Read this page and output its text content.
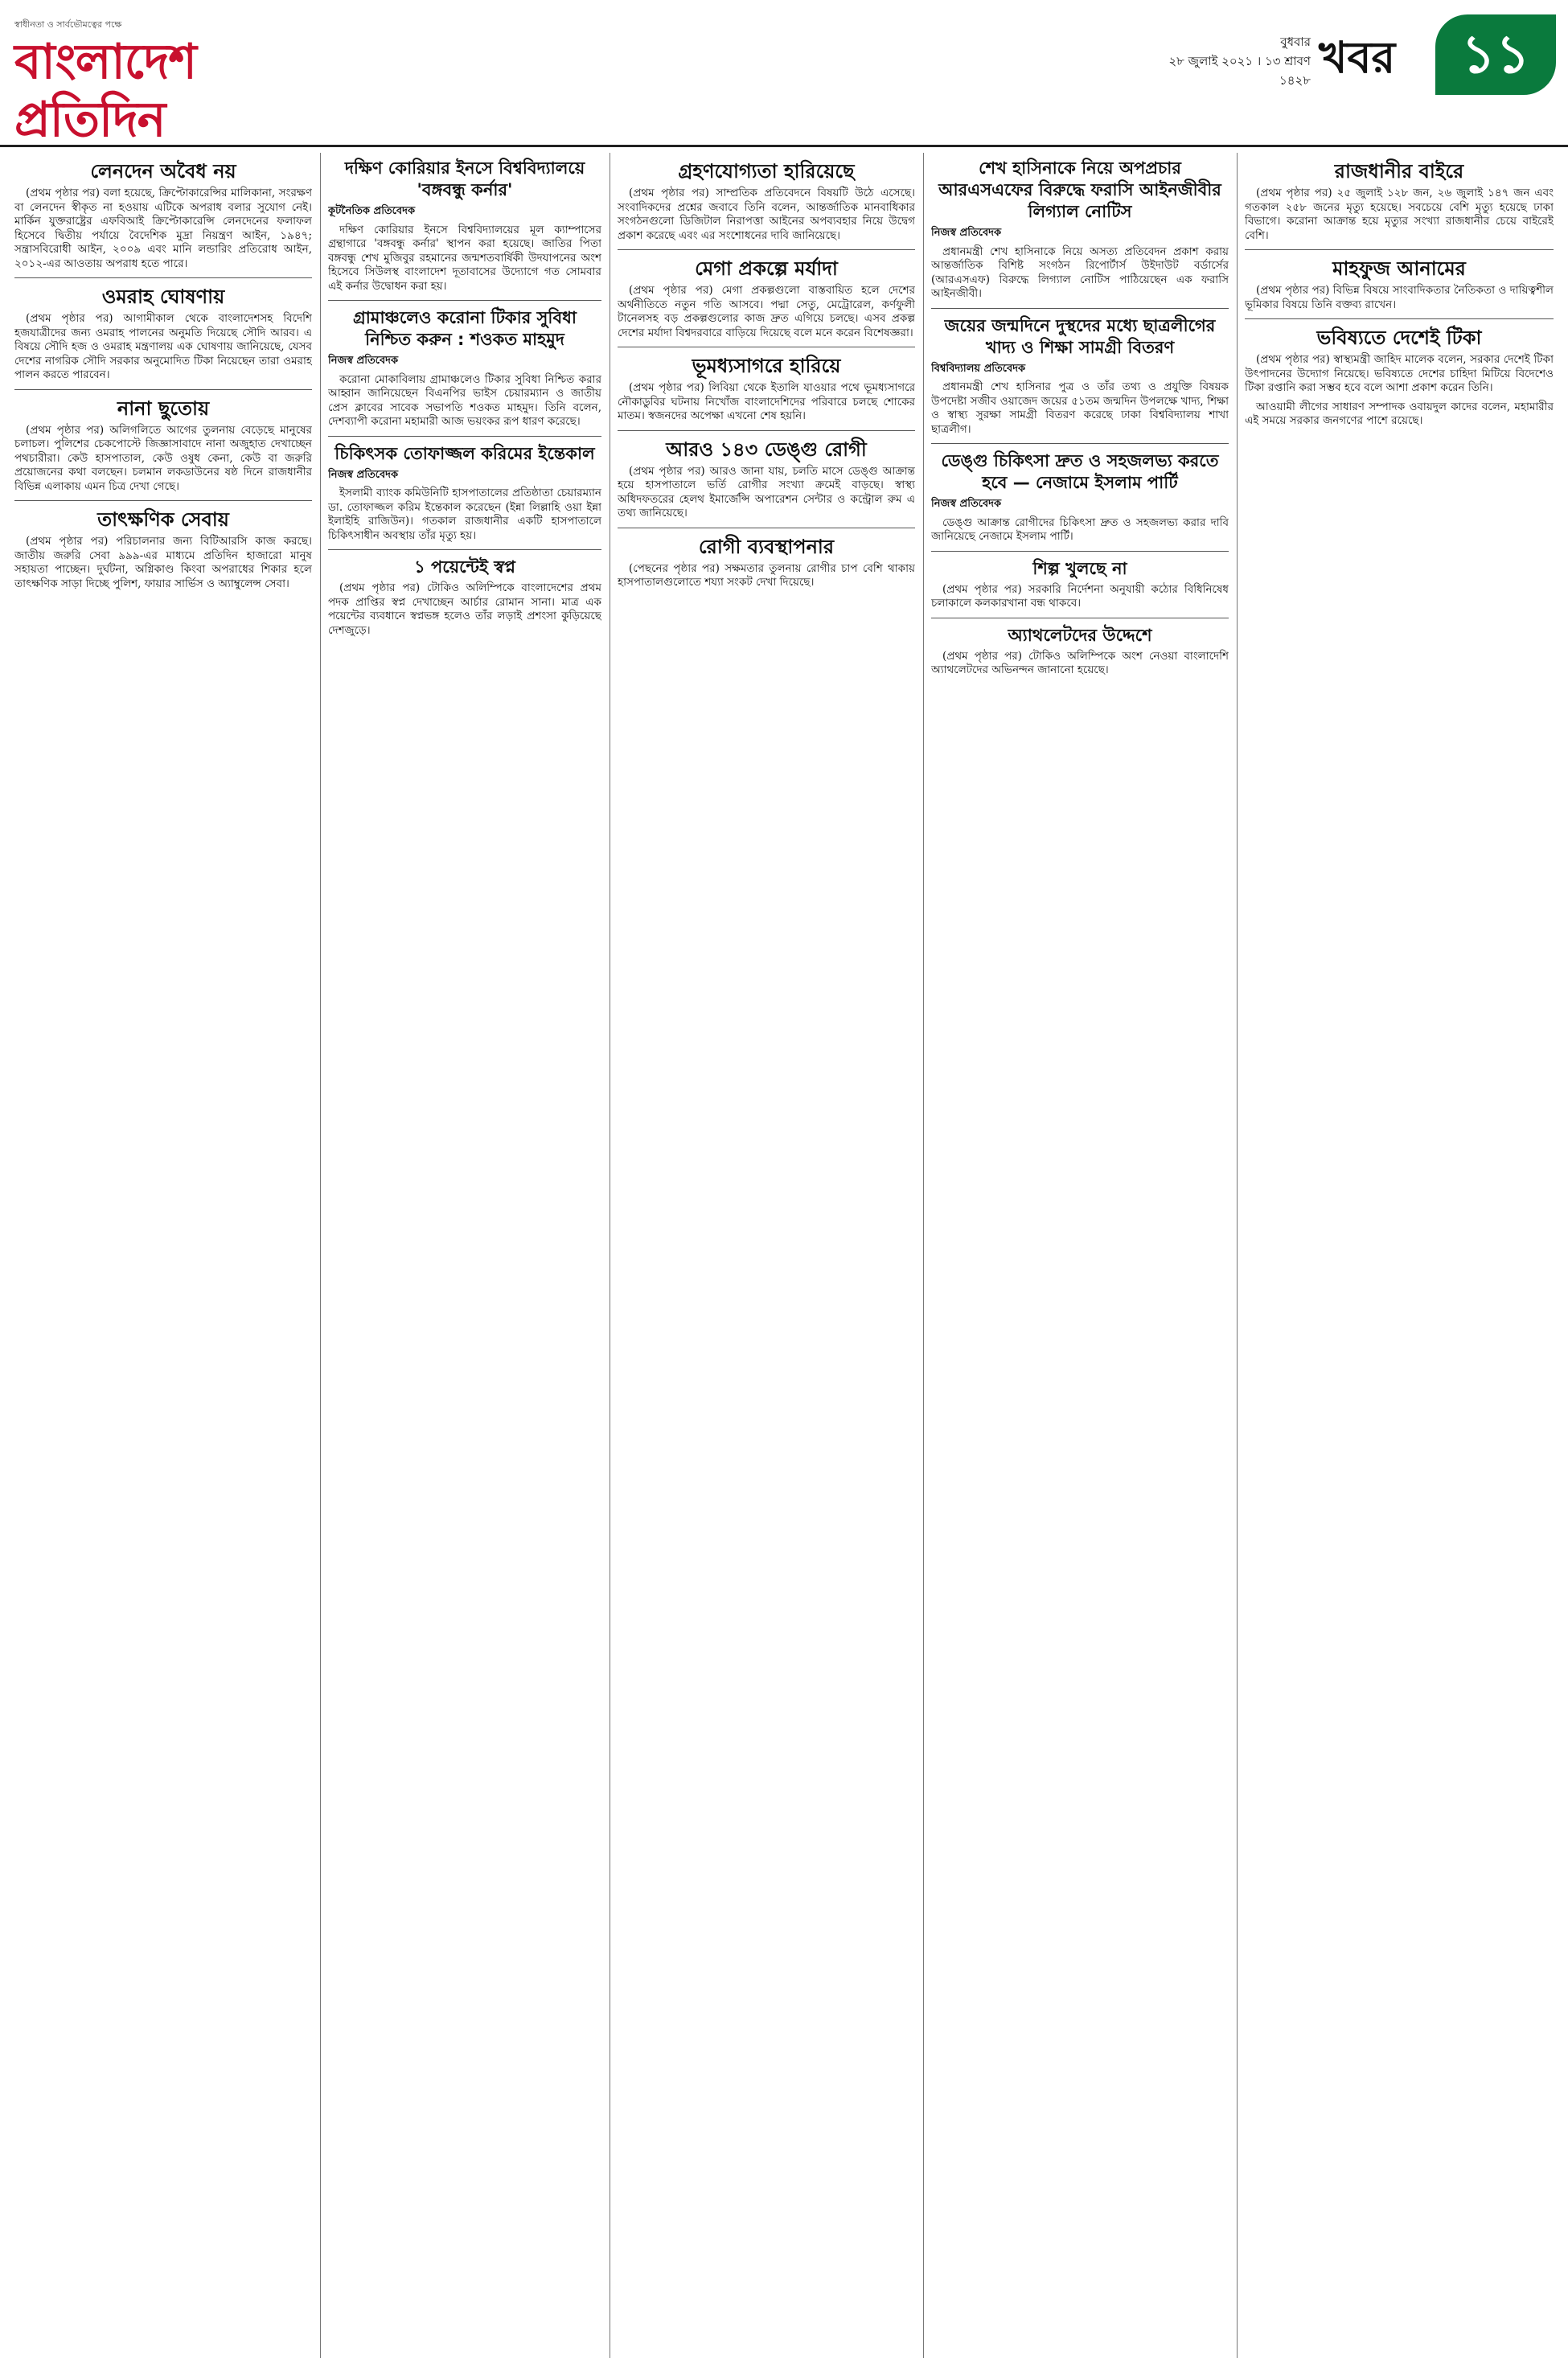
স্বাধীনতা ও সার্বভৌমত্বের পক্ষে
বাংলাদেশ প্রতিদিন
বুধবার
২৮ জুলাই ২০২১ । ১৩ শ্রাবণ ১৪২৮ খবর	১১
লেনদেন অবৈধ নয়

(প্রথম পৃষ্ঠার পর) বলা হয়েছে, ক্রিপ্টোকারেন্সির মালিকানা, সংরক্ষণ বা লেনদেন স্বীকৃত না হওয়ায় এটিকে অপরাধ বলার সুযোগ নেই। মার্কিন যুক্তরাষ্ট্রের এফবিআই ক্রিপ্টোকারেন্সি লেনদেনের ফলাফল হিসেবে দ্বিতীয় পর্যায়ে বৈদেশিক মুদ্রা নিয়ন্ত্রণ আইন, ১৯৪৭; সন্ত্রাসবিরোধী আইন, ২০০৯ এবং মানি লন্ডারিং প্রতিরোধ আইন, ২০১২-এর আওতায় অপরাধ হতে পারে।

ওমরাহ ঘোষণায়

(প্রথম পৃষ্ঠার পর) আগামীকাল থেকে বাংলাদেশসহ বিদেশি হজযাত্রীদের জন্য ওমরাহ পালনের অনুমতি দিয়েছে সৌদি আরব। এ বিষয়ে সৌদি হজ ও ওমরাহ মন্ত্রণালয় এক ঘোষণায় জানিয়েছে, যেসব দেশের নাগরিক সৌদি সরকার অনুমোদিত টিকা নিয়েছেন তারা ওমরাহ পালন করতে পারবেন।

নানা ছুতোয়

(প্রথম পৃষ্ঠার পর) অলিগলিতে আগের তুলনায় বেড়েছে মানুষের চলাচল। পুলিশের চেকপোস্টে জিজ্ঞাসাবাদে নানা অজুহাত দেখাচ্ছেন পথচারীরা। কেউ হাসপাতাল, কেউ ওষুধ কেনা, কেউ বা জরুরি প্রয়োজনের কথা বলছেন। চলমান লকডাউনের ষষ্ঠ দিনে রাজধানীর বিভিন্ন এলাকায় এমন চিত্র দেখা গেছে।

তাৎক্ষণিক সেবায়

(প্রথম পৃষ্ঠার পর) পরিচালনার জন্য বিটিআরসি কাজ করছে। জাতীয় জরুরি সেবা ৯৯৯-এর মাধ্যমে প্রতিদিন হাজারো মানুষ সহায়তা পাচ্ছেন। দুর্ঘটনা, অগ্নিকাণ্ড কিংবা অপরাধের শিকার হলে তাৎক্ষণিক সাড়া দিচ্ছে পুলিশ, ফায়ার সার্ভিস ও অ্যাম্বুলেন্স সেবা।

দক্ষিণ কোরিয়ার ইনসে বিশ্ববিদ্যালয়ে 'বঙ্গবন্ধু কর্নার'
কূটনৈতিক প্রতিবেদক

দক্ষিণ কোরিয়ার ইনসে বিশ্ববিদ্যালয়ের মূল ক্যাম্পাসের গ্রন্থাগারে 'বঙ্গবন্ধু কর্নার' স্থাপন করা হয়েছে। জাতির পিতা বঙ্গবন্ধু শেখ মুজিবুর রহমানের জন্মশতবার্ষিকী উদযাপনের অংশ হিসেবে সিউলস্থ বাংলাদেশ দূতাবাসের উদ্যোগে গত সোমবার এই কর্নার উদ্বোধন করা হয়।

গ্রামাঞ্চলেও করোনা টিকার সুবিধা নিশ্চিত করুন : শওকত মাহমুদ
নিজস্ব প্রতিবেদক

করোনা মোকাবিলায় গ্রামাঞ্চলেও টিকার সুবিধা নিশ্চিত করার আহ্বান জানিয়েছেন বিএনপির ভাইস চেয়ারম্যান ও জাতীয় প্রেস ক্লাবের সাবেক সভাপতি শওকত মাহমুদ। তিনি বলেন, দেশব্যাপী করোনা মহামারী আজ ভয়ংকর রূপ ধারণ করেছে।

চিকিৎসক তোফাজ্জল করিমের ইন্তেকাল
নিজস্ব প্রতিবেদক

ইসলামী ব্যাংক কমিউনিটি হাসপাতালের প্রতিষ্ঠাতা চেয়ারম্যান ডা. তোফাজ্জল করিম ইন্তেকাল করেছেন (ইন্না লিল্লাহি ওয়া ইন্না ইলাইহি রাজিউন)। গতকাল রাজধানীর একটি হাসপাতালে চিকিৎসাধীন অবস্থায় তাঁর মৃত্যু হয়।

১ পয়েন্টেই স্বপ্ন

(প্রথম পৃষ্ঠার পর) টোকিও অলিম্পিকে বাংলাদেশের প্রথম পদক প্রাপ্তির স্বপ্ন দেখাচ্ছেন আর্চার রোমান সানা। মাত্র এক পয়েন্টের ব্যবধানে স্বপ্নভঙ্গ হলেও তাঁর লড়াই প্রশংসা কুড়িয়েছে দেশজুড়ে।

গ্রহণযোগ্যতা হারিয়েছে

(প্রথম পৃষ্ঠার পর) সাম্প্রতিক প্রতিবেদনে বিষয়টি উঠে এসেছে। সংবাদিকদের প্রশ্নের জবাবে তিনি বলেন, আন্তর্জাতিক মানবাধিকার সংগঠনগুলো ডিজিটাল নিরাপত্তা আইনের অপব্যবহার নিয়ে উদ্বেগ প্রকাশ করেছে এবং এর সংশোধনের দাবি জানিয়েছে।

মেগা প্রকল্পে মর্যাদা

(প্রথম পৃষ্ঠার পর) মেগা প্রকল্পগুলো বাস্তবায়িত হলে দেশের অর্থনীতিতে নতুন গতি আসবে। পদ্মা সেতু, মেট্রোরেল, কর্ণফুলী টানেলসহ বড় প্রকল্পগুলোর কাজ দ্রুত এগিয়ে চলছে। এসব প্রকল্প দেশের মর্যাদা বিশ্বদরবারে বাড়িয়ে দিয়েছে বলে মনে করেন বিশেষজ্ঞরা।

ভূমধ্যসাগরে হারিয়ে

(প্রথম পৃষ্ঠার পর) লিবিয়া থেকে ইতালি যাওয়ার পথে ভূমধ্যসাগরে নৌকাডুবির ঘটনায় নিখোঁজ বাংলাদেশিদের পরিবারে চলছে শোকের মাতম। স্বজনদের অপেক্ষা এখনো শেষ হয়নি।

আরও ১৪৩ ডেঙ্গু রোগী

(প্রথম পৃষ্ঠার পর) আরও জানা যায়, চলতি মাসে ডেঙ্গু আক্রান্ত হয়ে হাসপাতালে ভর্তি রোগীর সংখ্যা ক্রমেই বাড়ছে। স্বাস্থ্য অধিদফতরের হেলথ ইমার্জেন্সি অপারেশন সেন্টার ও কন্ট্রোল রুম এ তথ্য জানিয়েছে।

রোগী ব্যবস্থাপনার

(পেছনের পৃষ্ঠার পর) সক্ষমতার তুলনায় রোগীর চাপ বেশি থাকায় হাসপাতালগুলোতে শয্যা সংকট দেখা দিয়েছে।

শেখ হাসিনাকে নিয়ে অপপ্রচার আরএসএফের বিরুদ্ধে ফরাসি আইনজীবীর লিগ্যাল নোটিস
নিজস্ব প্রতিবেদক

প্রধানমন্ত্রী শেখ হাসিনাকে নিয়ে অসত্য প্রতিবেদন প্রকাশ করায় আন্তর্জাতিক বিশিষ্ট সংগঠন রিপোর্টার্স উইদাউট বর্ডার্সের (আরএসএফ) বিরুদ্ধে লিগ্যাল নোটিস পাঠিয়েছেন এক ফরাসি আইনজীবী।

জয়ের জন্মদিনে দুস্থদের মধ্যে ছাত্রলীগের খাদ্য ও শিক্ষা সামগ্রী বিতরণ
বিশ্ববিদ্যালয় প্রতিবেদক

প্রধানমন্ত্রী শেখ হাসিনার পুত্র ও তাঁর তথ্য ও প্রযুক্তি বিষয়ক উপদেষ্টা সজীব ওয়াজেদ জয়ের ৫১তম জন্মদিন উপলক্ষে খাদ্য, শিক্ষা ও স্বাস্থ্য সুরক্ষা সামগ্রী বিতরণ করেছে ঢাকা বিশ্ববিদ্যালয় শাখা ছাত্রলীগ।

ডেঙ্গু চিকিৎসা দ্রুত ও সহজলভ্য করতে হবে — নেজামে ইসলাম পার্টি
নিজস্ব প্রতিবেদক

ডেঙ্গু আক্রান্ত রোগীদের চিকিৎসা দ্রুত ও সহজলভ্য করার দাবি জানিয়েছে নেজামে ইসলাম পার্টি।

শিল্প খুলছে না

(প্রথম পৃষ্ঠার পর) সরকারি নির্দেশনা অনুযায়ী কঠোর বিধিনিষেধ চলাকালে কলকারখানা বন্ধ থাকবে।

অ্যাথলেটদের উদ্দেশে

(প্রথম পৃষ্ঠার পর) টোকিও অলিম্পিকে অংশ নেওয়া বাংলাদেশি অ্যাথলেটদের অভিনন্দন জানানো হয়েছে।

রাজধানীর বাইরে

(প্রথম পৃষ্ঠার পর) ২৫ জুলাই ১২৮ জন, ২৬ জুলাই ১৪৭ জন এবং গতকাল ২৫৮ জনের মৃত্যু হয়েছে। সবচেয়ে বেশি মৃত্যু হয়েছে ঢাকা বিভাগে। করোনা আক্রান্ত হয়ে মৃত্যুর সংখ্যা রাজধানীর চেয়ে বাইরেই বেশি।

মাহফুজ আনামের

(প্রথম পৃষ্ঠার পর) বিভিন্ন বিষয়ে সাংবাদিকতার নৈতিকতা ও দায়িত্বশীল ভূমিকার বিষয়ে তিনি বক্তব্য রাখেন।

ভবিষ্যতে দেশেই টিকা

(প্রথম পৃষ্ঠার পর) স্বাস্থ্যমন্ত্রী জাহিদ মালেক বলেন, সরকার দেশেই টিকা উৎপাদনের উদ্যোগ নিয়েছে। ভবিষ্যতে দেশের চাহিদা মিটিয়ে বিদেশেও টিকা রপ্তানি করা সম্ভব হবে বলে আশা প্রকাশ করেন তিনি।

আওয়ামী লীগের সাধারণ সম্পাদক ওবায়দুল কাদের বলেন, মহামারীর এই সময়ে সরকার জনগণের পাশে রয়েছে।
